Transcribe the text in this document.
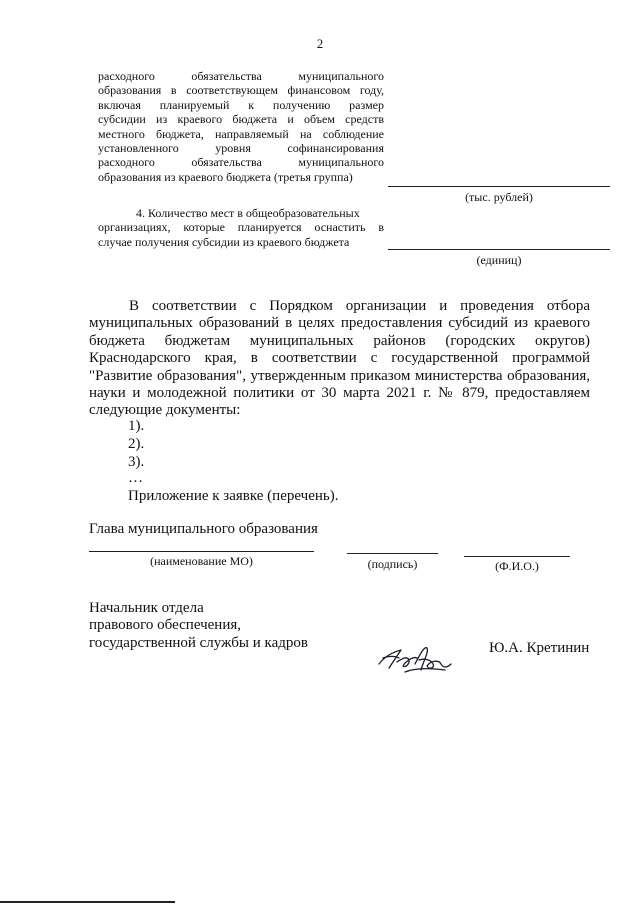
2
расходного обязательства муниципального
образования в соответствующем финансовом году,
включая планируемый к получению размер
субсидии из краевого бюджета и объем средств
местного бюджета, направляемый на соблюдение
установленного уровня софинансирования
расходного обязательства муниципального
образования из краевого бюджета (третья группа)
(тыс. рублей)
4. Количество мест в общеобразовательных
организациях, которые планируется оснастить в
случае получения субсидии из краевого бюджета
(единиц)
В соответствии с Порядком организации и проведения отбора
муниципальных образований в целях предоставления субсидий из краевого
бюджета бюджетам муниципальных районов (городских округов)
Краснодарского края, в соответствии с государственной программой
"Развитие образования", утвержденным приказом министерства образования,
науки и молодежной политики от 30 марта 2021 г. № 879, предоставляем
следующие документы:
1).
2).
3).
…
Приложение к заявке (перечень).
Глава муниципального образования
(наименование МО)	(подпись)	(Ф.И.О.)
Начальник отдела
правового обеспечения,
государственной службы и кадров	Ю.А. Кретинин
